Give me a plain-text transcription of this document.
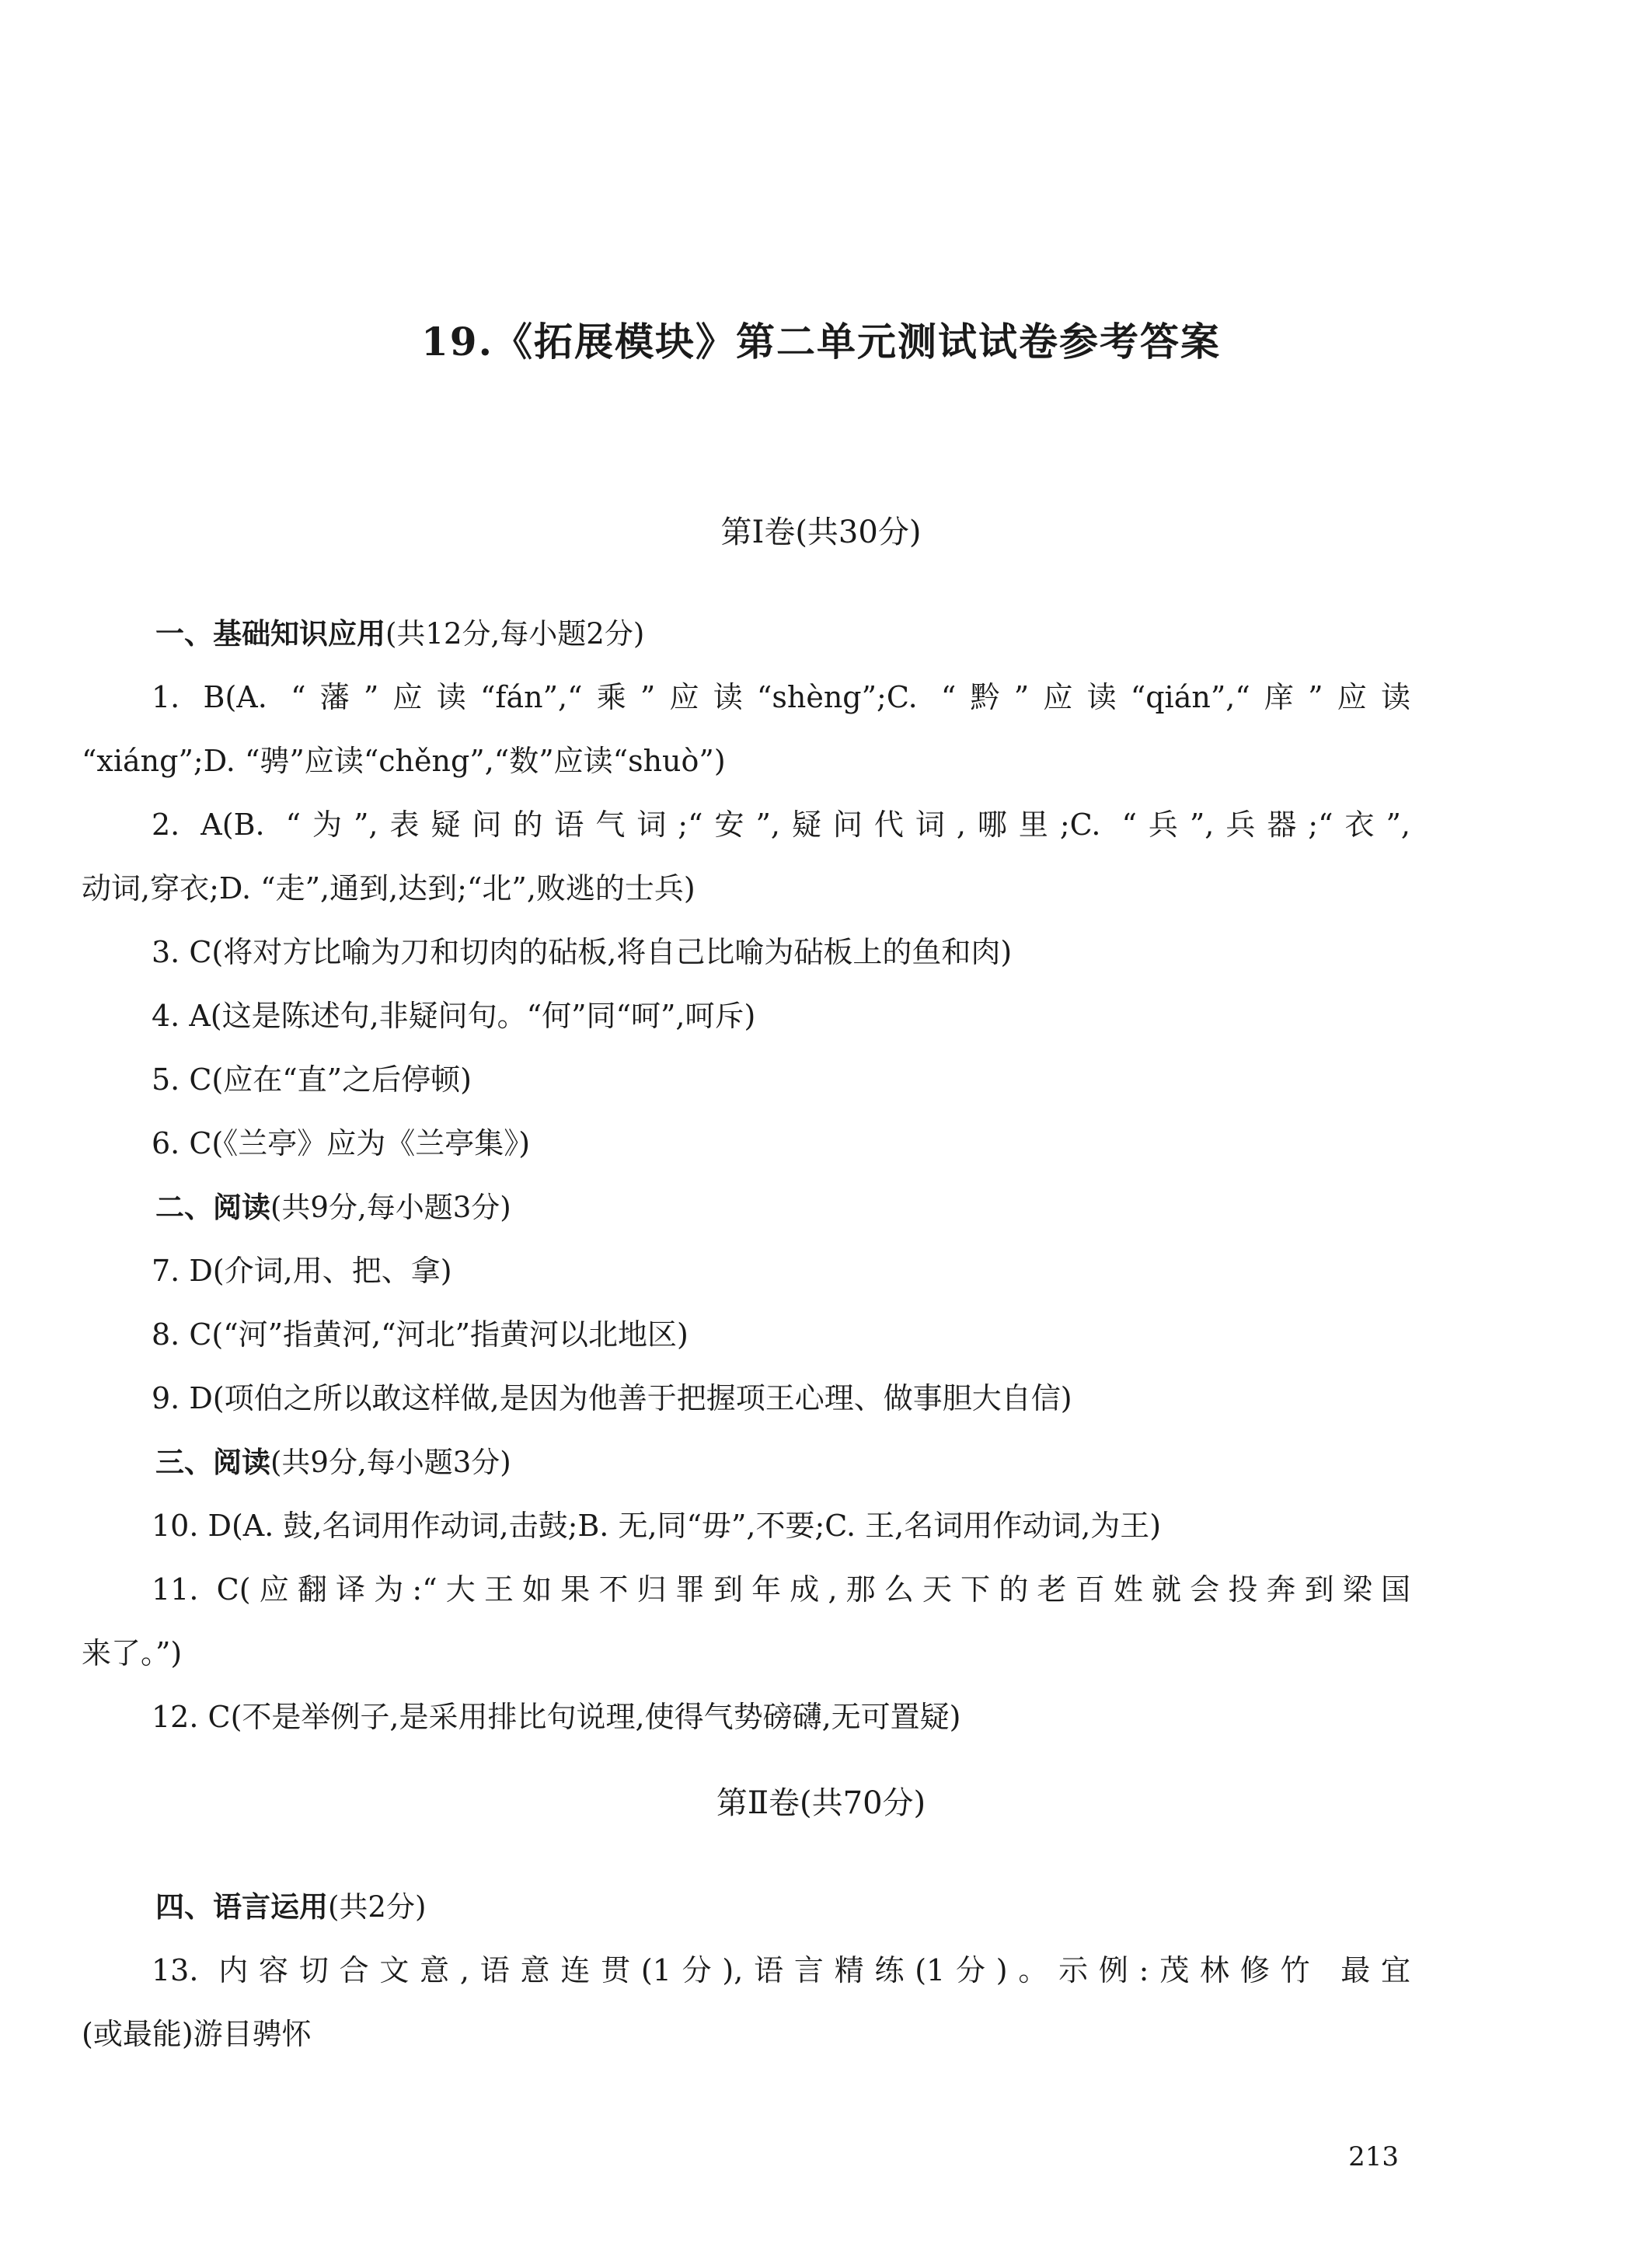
19.《拓展模块》第二单元测试试卷参考答案
第Ⅰ卷(共30分)
一、基础知识应用(共12分,每小题2分)
1. B(A. “藩”应读“fán”,“乘”应读“shèng”;C. “黔”应读“qián”,“庠”应读
“xiáng”;D. “骋”应读“chěng”,“数”应读“shuò”)
2. A(B. “为”,表疑问的语气词;“安”,疑问代词,哪里;C. “兵”,兵器;“衣”,
动词,穿衣;D. “走”,通到,达到;“北”,败逃的士兵)
3. C(将对方比喻为刀和切肉的砧板,将自己比喻为砧板上的鱼和肉)
4. A(这是陈述句,非疑问句。“何”同“呵”,呵斥)
5. C(应在“直”之后停顿)
6. C(《兰亭》应为《兰亭集》)
二、阅读(共9分,每小题3分)
7. D(介词,用、把、拿)
8. C(“河”指黄河,“河北”指黄河以北地区)
9. D(项伯之所以敢这样做,是因为他善于把握项王心理、做事胆大自信)
三、阅读(共9分,每小题3分)
10. D(A. 鼓,名词用作动词,击鼓;B. 无,同“毋”,不要;C. 王,名词用作动词,为王)
11. C(应翻译为:“大王如果不归罪到年成,那么天下的老百姓就会投奔到梁国
来了。”)
12. C(不是举例子,是采用排比句说理,使得气势磅礴,无可置疑)
第Ⅱ卷(共70分)
四、语言运用(共2分)
13. 内容切合文意,语意连贯(1分),语言精练(1分)。示例:茂林修竹 最宜
(或最能)游目骋怀
213
